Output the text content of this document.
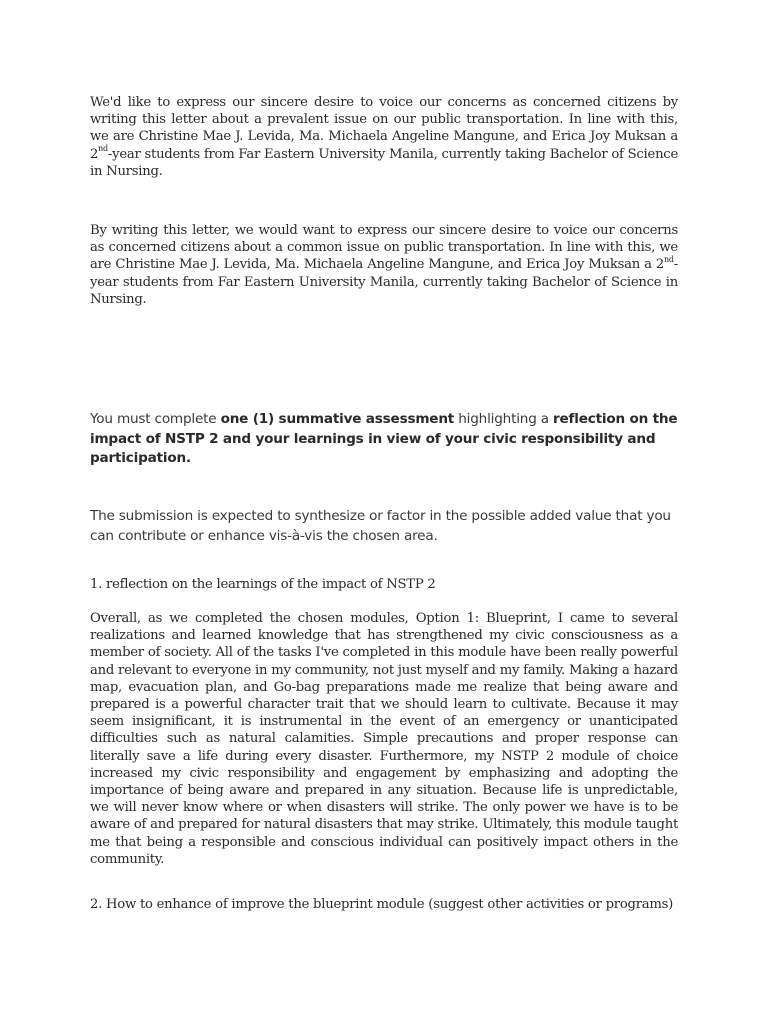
We'd like to express our sincere desire to voice our concerns as concerned citizens by writing this letter about a prevalent issue on our public transportation. In line with this, we are Christine Mae J. Levida, Ma. Michaela Angeline Mangune, and Erica Joy Muksan a 2nd-year students from Far Eastern University Manila, currently taking Bachelor of Science in Nursing.

By writing this letter, we would want to express our sincere desire to voice our concerns as concerned citizens about a common issue on public transportation. In line with this, we are Christine Mae J. Levida, Ma. Michaela Angeline Mangune, and Erica Joy Muksan a 2nd-year students from Far Eastern University Manila, currently taking Bachelor of Science in Nursing.

You must complete one (1) summative assessment highlighting a reflection on the impact of NSTP 2 and your learnings in view of your civic responsibility and participation.

The submission is expected to synthesize or factor in the possible added value that you can contribute or enhance vis-à-vis the chosen area.

1. reflection on the learnings of the impact of NSTP 2

Overall, as we completed the chosen modules, Option 1: Blueprint, I came to several realizations and learned knowledge that has strengthened my civic consciousness as a member of society. All of the tasks I've completed in this module have been really powerful and relevant to everyone in my community, not just myself and my family. Making a hazard map, evacuation plan, and Go-bag preparations made me realize that being aware and prepared is a powerful character trait that we should learn to cultivate. Because it may seem insignificant, it is instrumental in the event of an emergency or unanticipated difficulties such as natural calamities. Simple precautions and proper response can literally save a life during every disaster. Furthermore, my NSTP 2 module of choice increased my civic responsibility and engagement by emphasizing and adopting the importance of being aware and prepared in any situation. Because life is unpredictable, we will never know where or when disasters will strike. The only power we have is to be aware of and prepared for natural disasters that may strike. Ultimately, this module taught me that being a responsible and conscious individual can positively impact others in the community.

2. How to enhance of improve the blueprint module (suggest other activities or programs)
